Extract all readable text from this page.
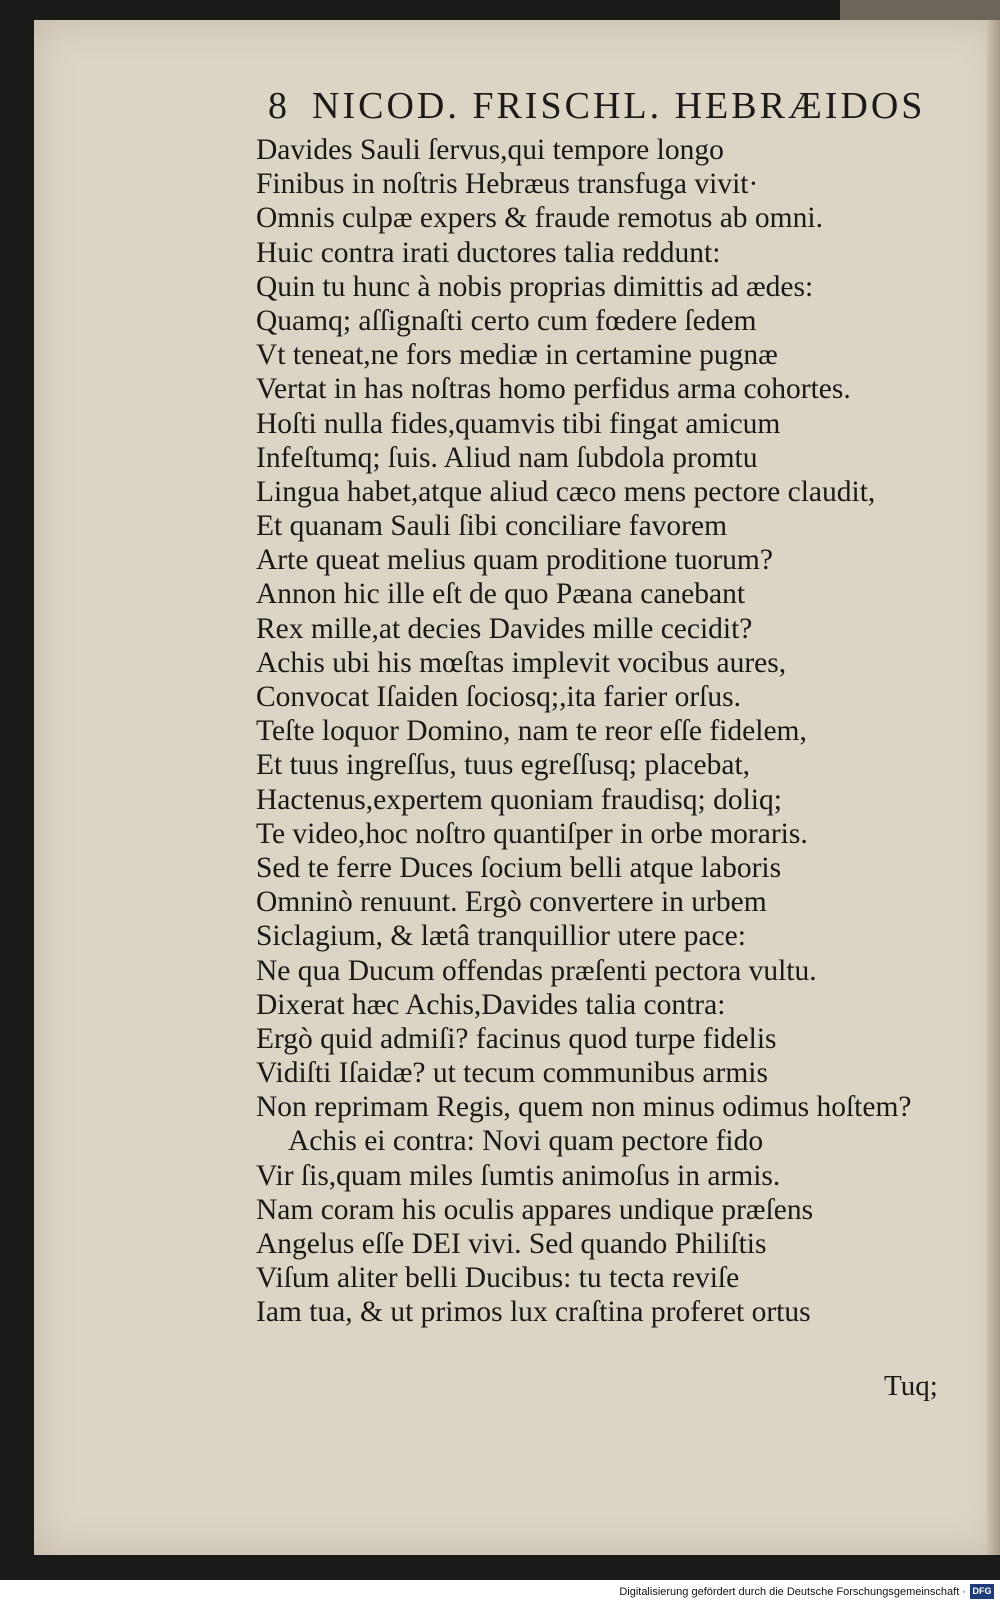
8 NICOD. FRISCHL. HEBRÆIDOS
Davides Sauli ſervus,qui tempore longo
Finibus in noſtris Hebræus transfuga vivit·
Omnis culpæ expers & fraude remotus ab omni.
Huic contra irati ductores talia reddunt:
Quin tu hunc à nobis proprias dimittis ad ædes:
Quamq; aſſignaſti certo cum fœdere ſedem
Vt teneat,ne fors mediæ in certamine pugnæ
Vertat in has noſtras homo perfidus arma cohortes.
Hoſti nulla fides,quamvis tibi fingat amicum
Infeſtumq; ſuis. Aliud nam ſubdola promtu
Lingua habet,atque aliud cæco mens pectore claudit,
Et quanam Sauli ſibi conciliare favorem
Arte queat melius quam proditione tuorum?
Annon hic ille eſt de quo Pæana canebant
Rex mille,at decies Davides mille cecidit?
Achis ubi his mœſtas implevit vocibus aures,
Convocat Iſaiden ſociosq;,ita farier orſus.
Teſte loquor Domino, nam te reor eſſe fidelem,
Et tuus ingreſſus, tuus egreſſusq; placebat,
Hactenus,expertem quoniam fraudisq; doliq;
Te video,hoc noſtro quantiſper in orbe moraris.
Sed te ferre Duces ſocium belli atque laboris
Omninò renuunt. Ergò convertere in urbem
Siclagium, & lætâ tranquillior utere pace:
Ne qua Ducum offendas præſenti pectora vultu.
Dixerat hæc Achis,Davides talia contra:
Ergò quid admiſi? facinus quod turpe fidelis
Vidiſti Iſaidæ? ut tecum communibus armis
Non reprimam Regis, quem non minus odimus hoſtem?
Achis ei contra: Novi quam pectore fido
Vir ſis,quam miles ſumtis animoſus in armis.
Nam coram his oculis appares undique præſens
Angelus eſſe DEI vivi. Sed quando Philiſtis
Viſum aliter belli Ducibus: tu tecta reviſe
Iam tua, & ut primos lux craſtina proferet ortus
Tuq;
Digitalisierung gefördert durch die Deutsche Forschungsgemeinschaft · DFG
